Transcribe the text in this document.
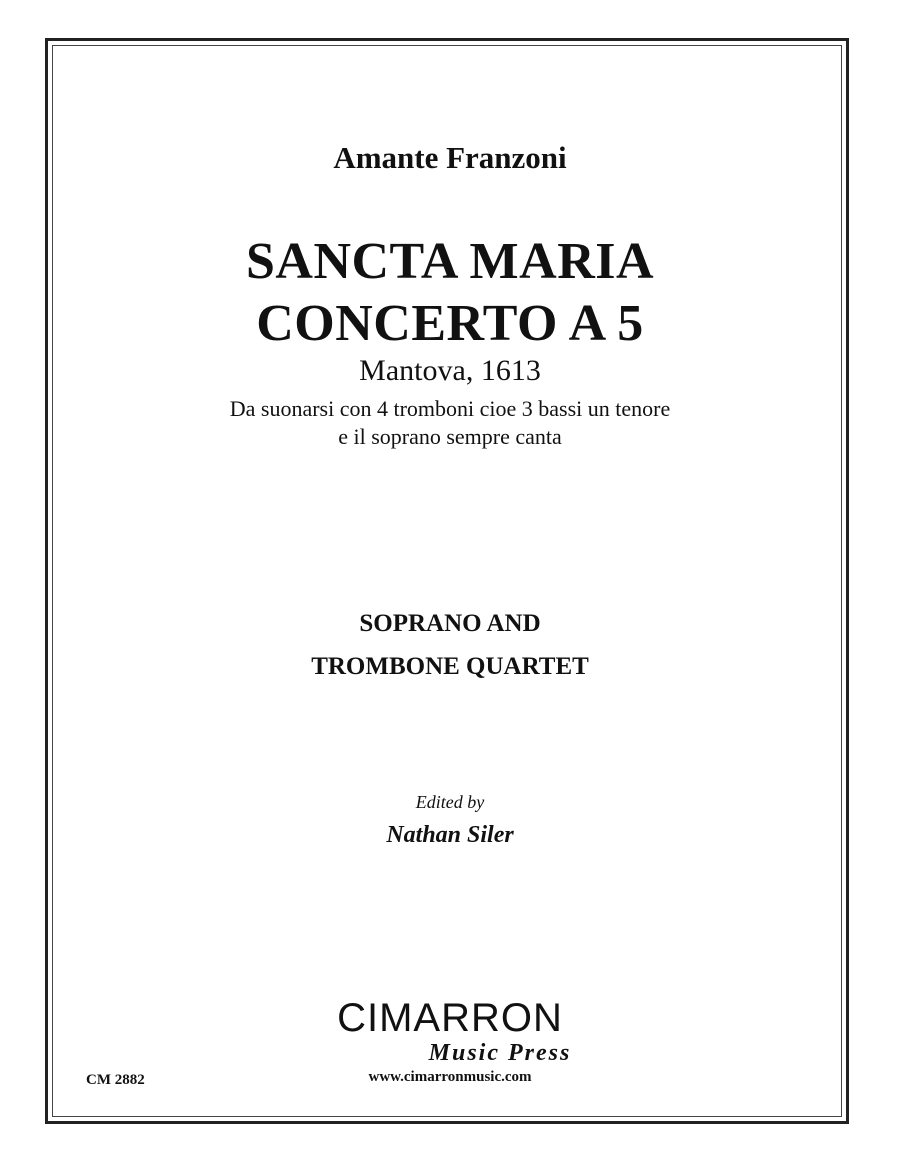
Amante Franzoni
SANCTA MARIA
CONCERTO A 5
Mantova, 1613
Da suonarsi con 4 tromboni cioe 3 bassi un tenore
e il soprano sempre canta
SOPRANO AND
TROMBONE QUARTET
Edited by
Nathan Siler
CIMARRON
Music Press
www.cimarronmusic.com
CM 2882
